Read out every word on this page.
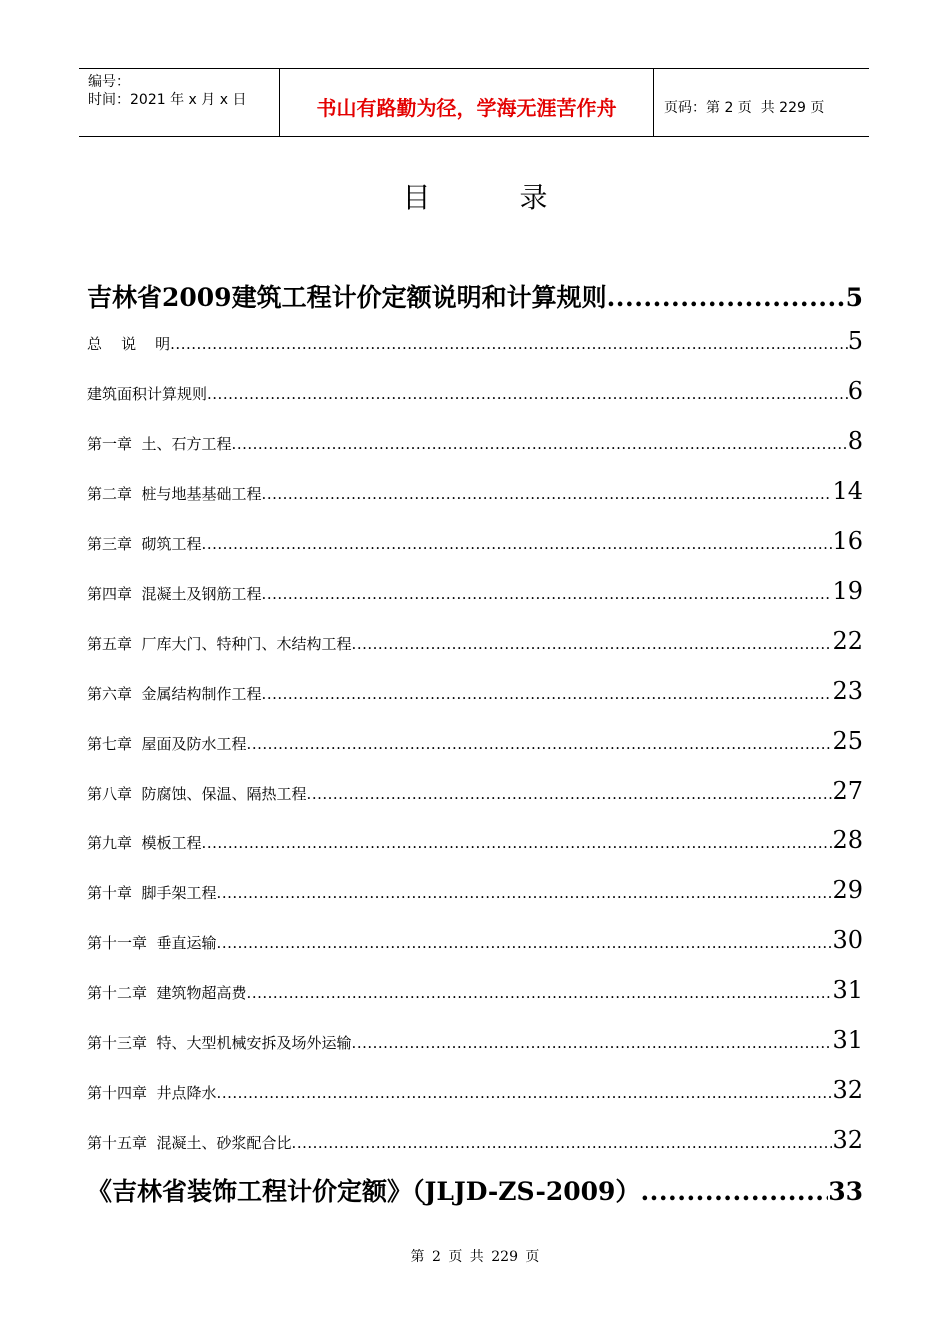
编号：
时间：2021 年 x 月 x 日	书山有路勤为径，学海无涯苦作舟	页码：第 2 页  共 229 页
目 录
吉林省2009建筑工程计价定额说明和计算规则 .....	5
总    说    明 .....	5
建筑面积计算规则 .....	6
第一章  土、石方工程 .....	8
第二章  桩与地基基础工程 .....	14
第三章  砌筑工程 .....	16
第四章  混凝土及钢筋工程 .....	19
第五章  厂库大门、特种门、木结构工程 .....	22
第六章  金属结构制作工程 .....	23
第七章  屋面及防水工程 .....	25
第八章  防腐蚀、保温、隔热工程 .....	27
第九章  模板工程 .....	28
第十章  脚手架工程 .....	29
第十一章  垂直运输 .....	30
第十二章  建筑物超高费 .....	31
第十三章  特、大型机械安拆及场外运输 .....	31
第十四章  井点降水 .....	32
第十五章  混凝土、砂浆配合比 .....	32
《吉林省装饰工程计价定额》（JLJD-ZS-2009） .....	33
第 2 页 共 229 页
